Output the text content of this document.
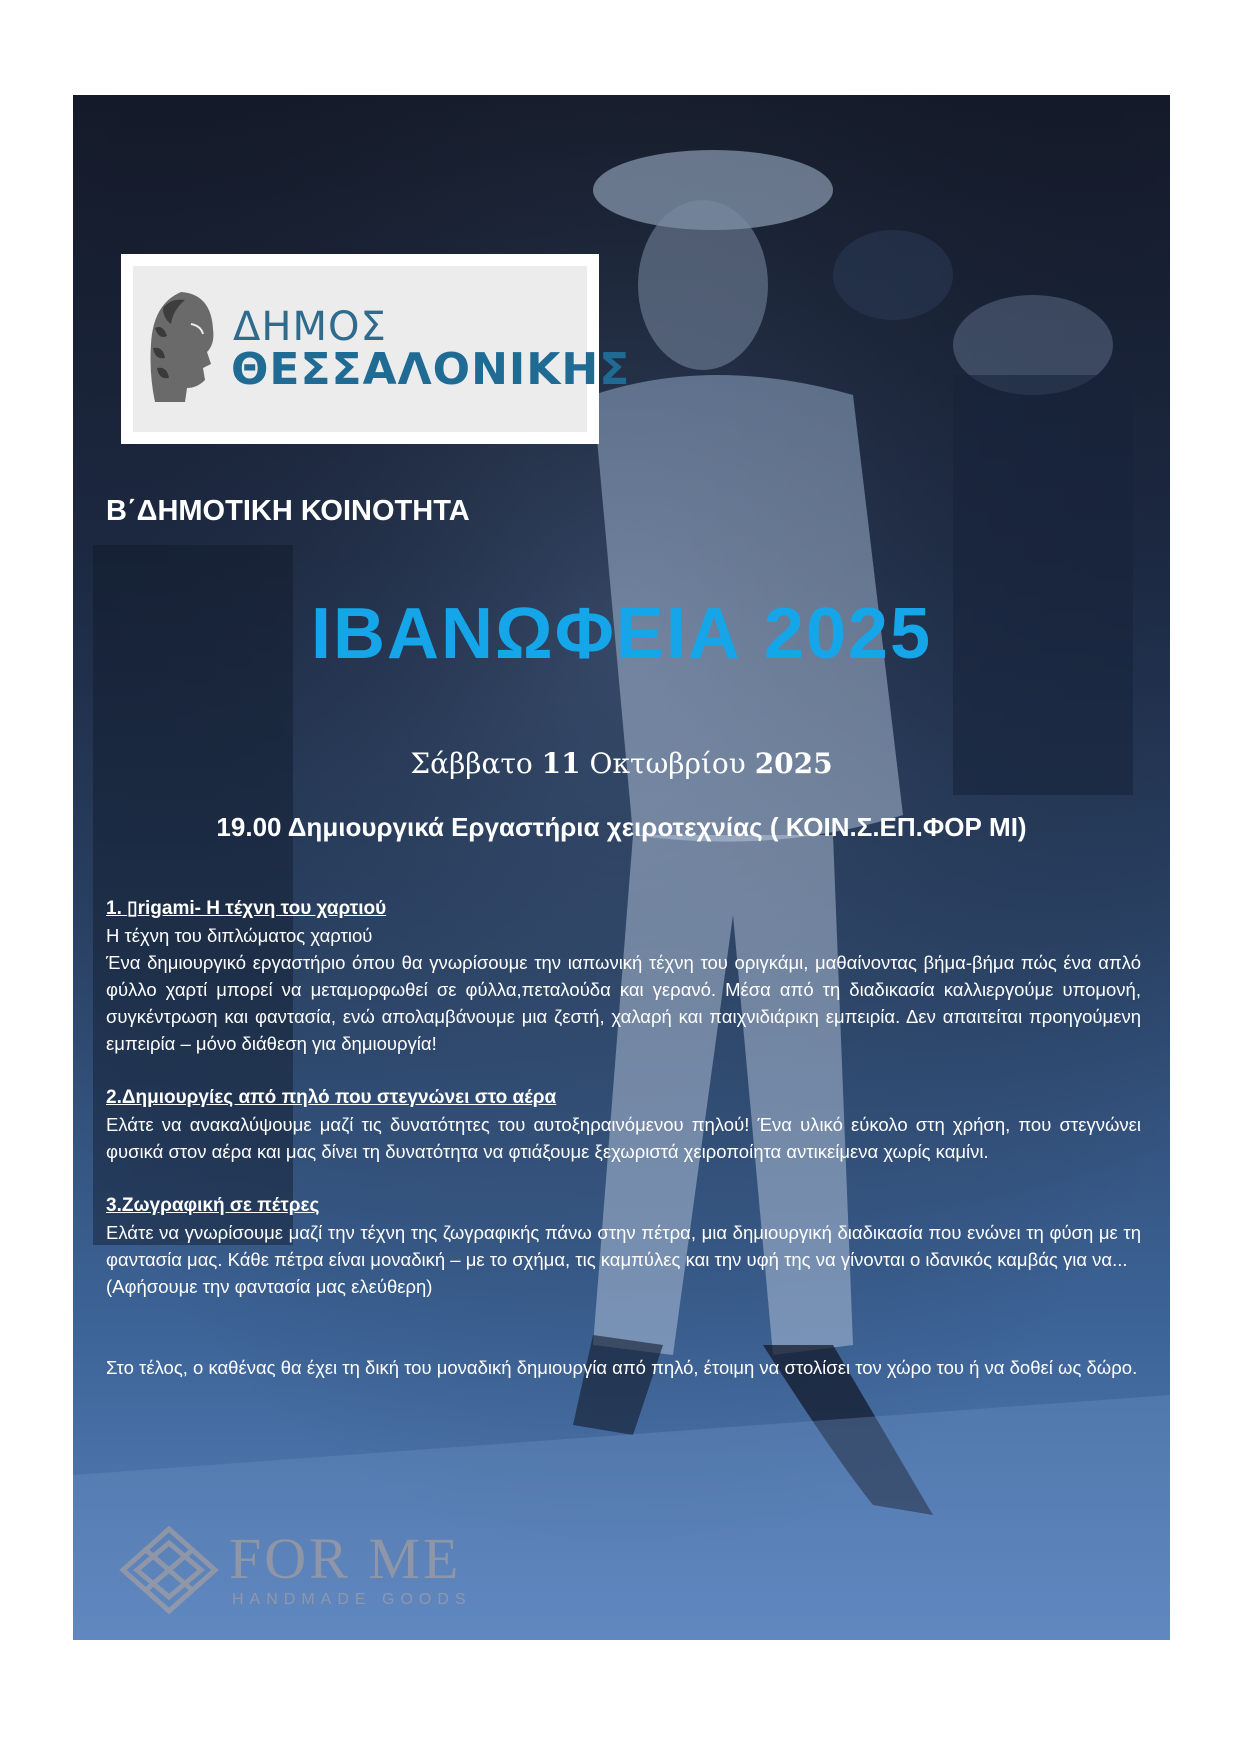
ΔΗΜΟΣ
ΘΕΣΣΑΛΟΝΙΚΗΣ
Β΄ΔΗΜΟΤΙΚΗ ΚΟΙΝΟΤΗΤΑ
ΙΒΑΝΩΦΕΙΑ 2025
Σάββατο 11 Οκτωβρίου 2025
19.00 Δημιουργικά Εργαστήρια χειροτεχνίας ( ΚΟΙΝ.Σ.ΕΠ.ΦΟΡ ΜΙ)
1. ▯rigami- Η τέχνη του χαρτιού
Η τέχνη του διπλώματος χαρτιού
Ένα δημιουργικό εργαστήριο όπου θα γνωρίσουμε την ιαπωνική τέχνη του οριγκάμι, μαθαίνοντας βήμα-βήμα πώς ένα απλό φύλλο χαρτί μπορεί να μεταμορφωθεί σε φύλλα,πεταλούδα και γερανό. Μέσα από τη διαδικασία καλλιεργούμε υπομονή, συγκέντρωση και φαντασία, ενώ απολαμβάνουμε μια ζεστή, χαλαρή και παιχνιδιάρικη εμπειρία. Δεν απαιτείται προηγούμενη εμπειρία – μόνο διάθεση για δημιουργία!
2.Δημιουργίες από πηλό που στεγνώνει στο αέρα
Ελάτε να ανακαλύψουμε μαζί τις δυνατότητες του αυτοξηραινόμενου πηλού! Ένα υλικό εύκολο στη χρήση, που στεγνώνει φυσικά στον αέρα και μας δίνει τη δυνατότητα να φτιάξουμε ξεχωριστά χειροποίητα αντικείμενα χωρίς καμίνι.
3.Ζωγραφική σε πέτρες
Ελάτε να γνωρίσουμε μαζί την τέχνη της ζωγραφικής πάνω στην πέτρα, μια δημιουργική διαδικασία που ενώνει τη φύση με τη φαντασία μας. Κάθε πέτρα είναι μοναδική – με το σχήμα, τις καμπύλες και την υφή της να γίνονται ο ιδανικός καμβάς για να...
(Αφήσουμε την φαντασία μας ελεύθερη)
Στο τέλος, ο καθένας θα έχει τη δική του μοναδική δημιουργία από πηλό, έτοιμη να στολίσει τον χώρο του ή να δοθεί ως δώρο.
FOR ME
HANDMADE GOODS
